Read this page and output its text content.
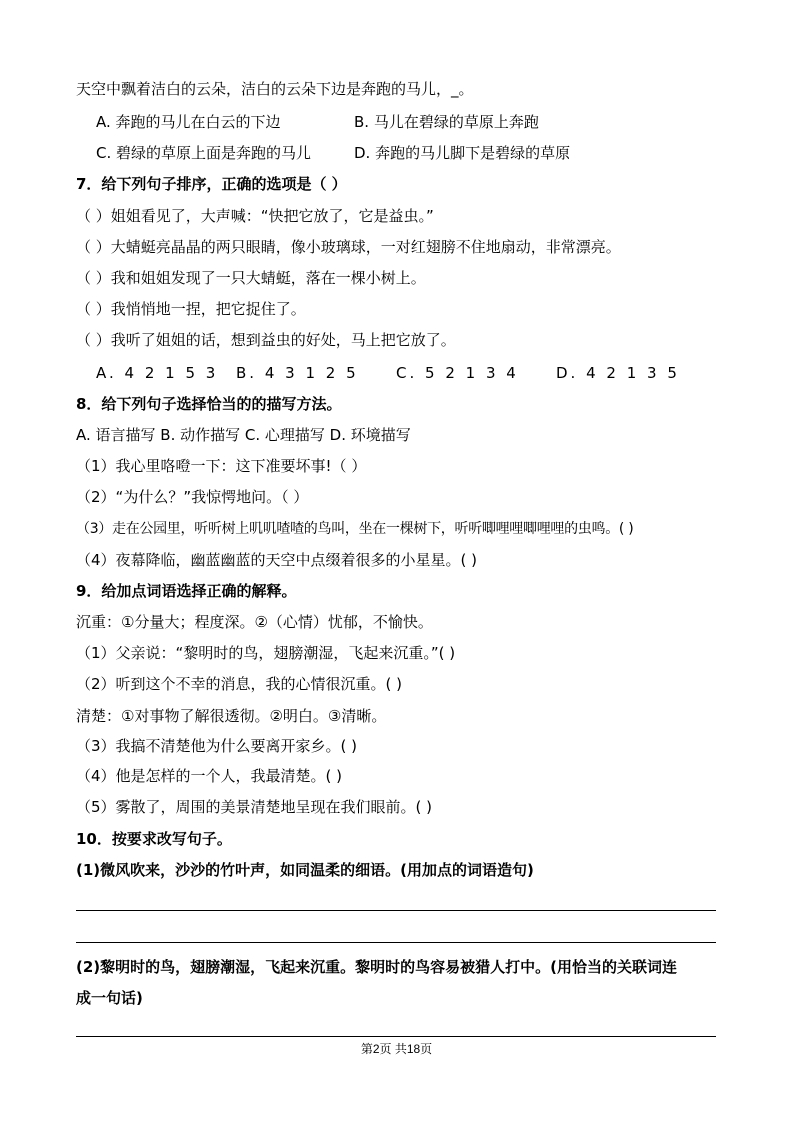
天空中飘着洁白的云朵，洁白的云朵下边是奔跑的马儿，_。
A. 奔跑的马儿在白云的下边	B. 马儿在碧绿的草原上奔跑
C. 碧绿的草原上面是奔跑的马儿	D. 奔跑的马儿脚下是碧绿的草原
7．给下列句子排序，正确的选项是（ ）
（ ）姐姐看见了，大声喊：“快把它放了，它是益虫。”
（ ）大蜻蜓亮晶晶的两只眼睛，像小玻璃球，一对红翅膀不住地扇动，非常漂亮。
（ ）我和姐姐发现了一只大蜻蜓，落在一棵小树上。
（ ）我悄悄地一捏，把它捉住了。
（ ）我听了姐姐的话，想到益虫的好处，马上把它放了。
A. 4 2 1 5 3 B. 4 3 1 2 5 C. 5 2 1 3 4 D. 4 2 1 3 5
8．给下列句子选择恰当的的描写方法。
A. 语言描写 B. 动作描写 C. 心理描写 D. 环境描写
（1）我心里咯噔一下：这下准要坏事!（ ）
（2）“为什么？”我惊愕地问。（ ）
（3）走在公园里，听听树上叽叽喳喳的鸟叫，坐在一棵树下，听听唧哩哩唧哩哩的虫鸣。( )
（4）夜幕降临，幽蓝幽蓝的天空中点缀着很多的小星星。( )
9．给加点词语选择正确的解释。
沉重：①分量大；程度深。②（心情）忧郁，不愉快。
（1）父亲说：“黎明时的鸟，翅膀潮湿，飞起来沉重。”( )
（2）听到这个不幸的消息，我的心情很沉重。( )
清楚：①对事物了解很透彻。②明白。③清晰。
（3）我搞不清楚他为什么要离开家乡。( )
（4）他是怎样的一个人，我最清楚。( )
（5）雾散了，周围的美景清楚地呈现在我们眼前。( )
10．按要求改写句子。
(1)微风吹来，沙沙的竹叶声，如同温柔的细语。(用加点的词语造句)
(2)黎明时的鸟，翅膀潮湿，飞起来沉重。黎明时的鸟容易被猎人打中。(用恰当的关联词连
成一句话)
第2页 共18页
